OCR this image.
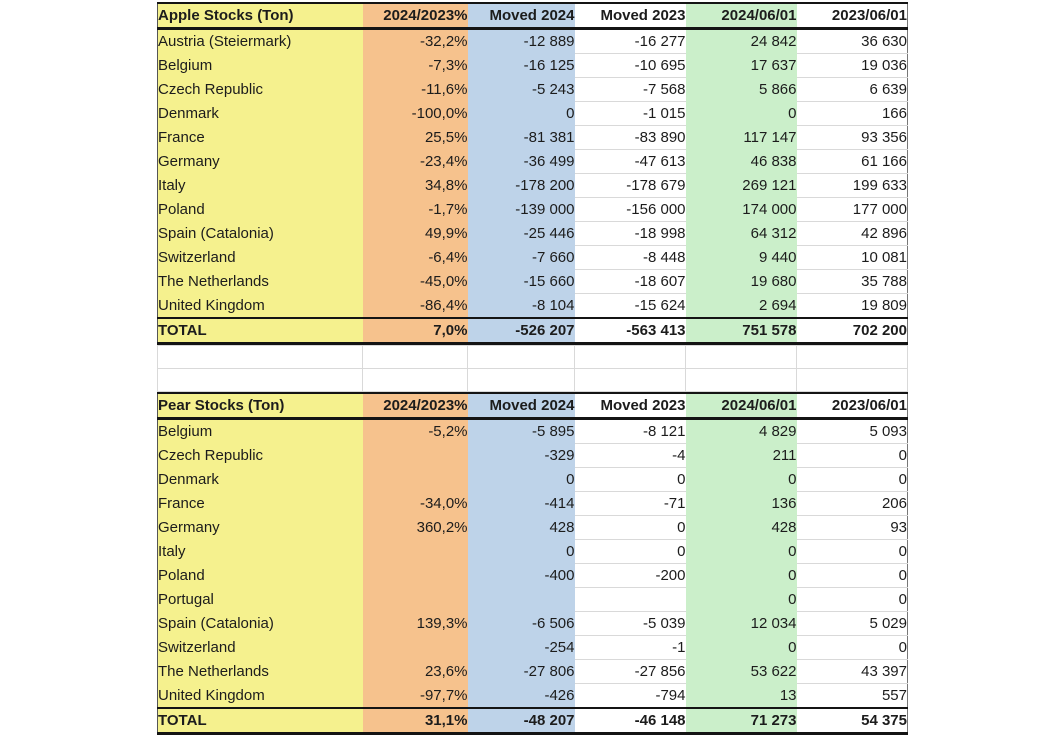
Apple Stocks (Ton)	2024/2023%	Moved 2024	Moved 2023	2024/06/01	2023/06/01
Austria (Steiermark)	-32,2%	-12 889	-16 277	24 842	36 630
Belgium	-7,3%	-16 125	-10 695	17 637	19 036
Czech Republic	-11,6%	-5 243	-7 568	5 866	6 639
Denmark	-100,0%	0	-1 015	0	166
France	25,5%	-81 381	-83 890	117 147	93 356
Germany	-23,4%	-36 499	-47 613	46 838	61 166
Italy	34,8%	-178 200	-178 679	269 121	199 633
Poland	-1,7%	-139 000	-156 000	174 000	177 000
Spain (Catalonia)	49,9%	-25 446	-18 998	64 312	42 896
Switzerland	-6,4%	-7 660	-8 448	9 440	10 081
The Netherlands	-45,0%	-15 660	-18 607	19 680	35 788
United Kingdom	-86,4%	-8 104	-15 624	2 694	19 809
TOTAL	7,0%	-526 207	-563 413	751 578	702 200

Pear Stocks (Ton)	2024/2023%	Moved 2024	Moved 2023	2024/06/01	2023/06/01
Belgium	-5,2%	-5 895	-8 121	4 829	5 093
Czech Republic		-329	-4	211	0
Denmark		0	0	0	0
France	-34,0%	-414	-71	136	206
Germany	360,2%	428	0	428	93
Italy		0	0	0	0
Poland		-400	-200	0	0
Portugal				0	0
Spain (Catalonia)	139,3%	-6 506	-5 039	12 034	5 029
Switzerland		-254	-1	0	0
The Netherlands	23,6%	-27 806	-27 856	53 622	43 397
United Kingdom	-97,7%	-426	-794	13	557
TOTAL	31,1%	-48 207	-46 148	71 273	54 375
